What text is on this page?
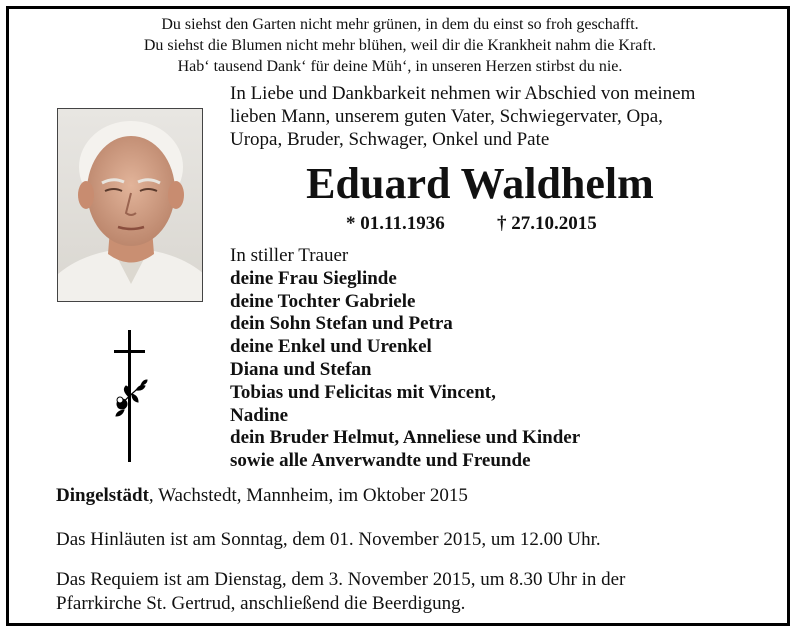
Du siehst den Garten nicht mehr grünen, in dem du einst so froh geschafft.
Du siehst die Blumen nicht mehr blühen, weil dir die Krankheit nahm die Kraft.
Hab‘ tausend Dank‘ für deine Müh‘, in unseren Herzen stirbst du nie.
In Liebe und Dankbarkeit nehmen wir Abschied von meinem
lieben Mann, unserem guten Vater, Schwiegervater, Opa,
Uropa, Bruder, Schwager, Onkel und Pate
Eduard Waldhelm
* 01.11.1936	† 27.10.2015
In stiller Trauer
deine Frau Sieglinde
deine Tochter Gabriele
dein Sohn Stefan und Petra
deine Enkel und Urenkel
Diana und Stefan
Tobias und Felicitas mit Vincent,
Nadine
dein Bruder Helmut, Anneliese und Kinder
sowie alle Anverwandte und Freunde
Dingelstädt, Wachstedt, Mannheim, im Oktober 2015
Das Hinläuten ist am Sonntag, dem 01. November 2015, um 12.00 Uhr.
Das Requiem ist am Dienstag, dem 3. November 2015, um 8.30 Uhr in der
Pfarrkirche St. Gertrud, anschließend die Beerdigung.
